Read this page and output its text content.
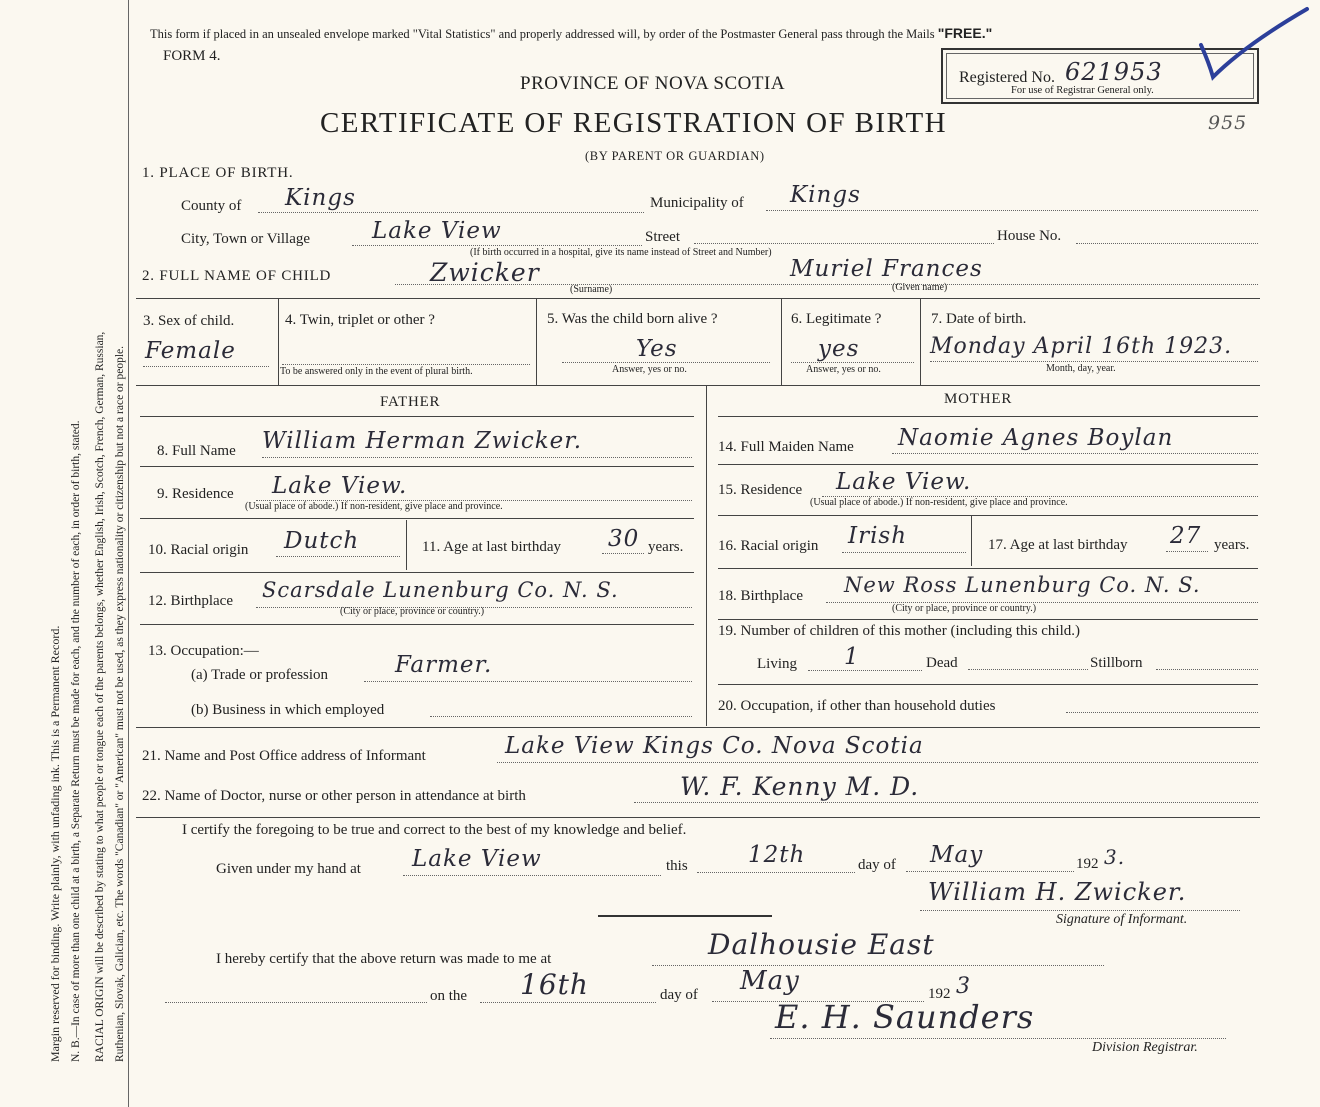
Margin reserved for binding. Write plainly, with unfading ink. This is a Permanent Record. N. B.—In case of more than one child at a birth, a Separate Return must be made for each, and the number of each, in order of birth, stated. RACIAL ORIGIN will be described by stating to what people or tongue each of the parents belongs, whether English, Irish, Scotch, French, German, Russian, Ruthenian, Slovak, Galician, etc. The words "Canadian" or "American" must not be used, as they express nationality or citizenship but not a race or people.
This form if placed in an unsealed envelope marked "Vital Statistics" and properly addressed will, by order of the Postmaster General pass through the Mails "FREE."
FORM 4.
PROVINCE OF NOVA SCOTIA
CERTIFICATE OF REGISTRATION OF BIRTH
(BY PARENT OR GUARDIAN)
Registered No. 621953
For use of Registrar General only.
955
1. PLACE OF BIRTH.
County of Kings	Municipality of Kings
City, Town or Village	Lake View	Street	House No.
(If birth occurred in a hospital, give its name instead of Street and Number)
2. FULL NAME OF CHILD	Zwicker	Muriel Frances
(Surname)	(Given name)
3. Sex of child.
Female
4. Twin, triplet or other ?
To be answered only in the event of plural birth.
5. Was the child born alive ?
Yes
Answer, yes or no.
6. Legitimate ?
yes
Answer, yes or no.
7. Date of birth.
Monday April 16th 1923.
Month, day, year.
FATHER	MOTHER
8. Full Name William Herman Zwicker.
9. Residence Lake View.
(Usual place of abode.) If non-resident, give place and province.
10. Racial origin Dutch	11. Age at last birthday 30 years.
12. Birthplace Scarsdale Lunenburg Co. N. S.
(City or place, province or country.)
13. Occupation:—
(a) Trade or profession	Farmer.
(b) Business in which employed
14. Full Maiden Name Naomie Agnes Boylan
15. Residence Lake View.
(Usual place of abode.) If non-resident, give place and province.
16. Racial origin Irish	17. Age at last birthday 27 years.
18. Birthplace New Ross Lunenburg Co. N. S.
(City or place, province or country.)
19. Number of children of this mother (including this child.)
Living 1	Dead	Stillborn
20. Occupation, if other than household duties
21. Name and Post Office address of Informant	Lake View Kings Co. Nova Scotia
22. Name of Doctor, nurse or other person in attendance at birth	W. F. Kenny M. D.
I certify the foregoing to be true and correct to the best of my knowledge and belief.
Given under my hand at Lake View	this	12th	day of May	192 3.
William H. Zwicker.
Signature of Informant.
I hereby certify that the above return was made to me at	Dalhousie East
on the 16th	day of May	192 3
E. H. Saunders
Division Registrar.
